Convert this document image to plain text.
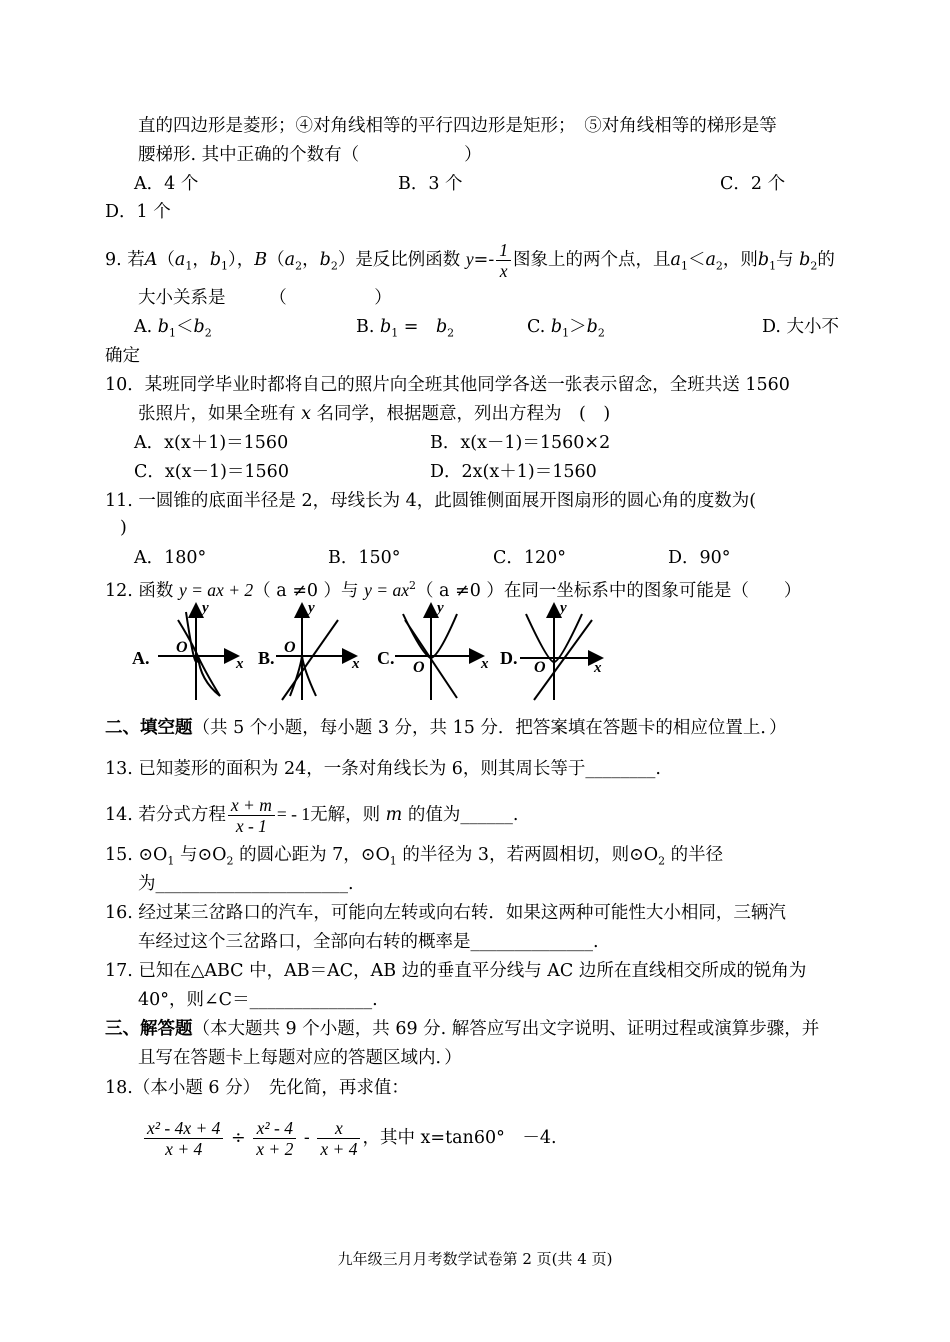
直的四边形是菱形；④对角线相等的平行四边形是矩形；　⑤对角线相等的梯形是等
腰梯形. 其中正确的个数有（　　　　　　）
A．4 个	B．3 个	C．2 个
D．1 个
9. 若$A(a_1$，$b_1$），$B(a_2$，$b_2$）是反比例函数 $y=- \frac{1}{x}$ 图象上的两个点，且$a_1<a_2$，则$b_1$与 $b_2$的
大小关系是　　　（　　　　　）
A. $b_1<b_2$	B. $b_1$ =　$b_2$	C. $b_1>b_2$	D. 大小不
确定
10．某班同学毕业时都将自己的照片向全班其他同学各送一张表示留念，全班共送 1560
张照片，如果全班有 x 名同学，根据题意，列出方程为　(　)
A．x(x＋1)＝1560	B．x(x－1)＝1560×2
C．x(x－1)＝1560	D．2x(x＋1)＝1560
11. 一圆锥的底面半径是 2，母线长为 4，此圆锥侧面展开图扇形的圆心角的度数为(
)
A．180°	B．150°	C．120°	D．90°
12. 函数 y = ax + 2（ a ≠0 ）与 $y = ax^2$（ a ≠0 ）在同一坐标系中的图象可能是（　　）
A.
y
x
O
B.
y
x
O
C.
y
x
O	D.
y
x
O
二、填空题（共 5 个小题，每小题 3 分，共 15 分．把答案填在答题卡的相应位置上．）
13. 已知菱形的面积为 24，一条对角线长为 6，则其周长等于________.
14. 若分式方程 $\frac{x + m}{x - 1}$ = - 1无解，则 m 的值为______.
15. $⊙O_1$ 与$⊙O_2$ 的圆心距为 7，$⊙O_1$ 的半径为 3，若两圆相切，则$⊙O_2$ 的半径
为______________________.
16. 经过某三岔路口的汽车，可能向左转或向右转．如果这两种可能性大小相同，三辆汽
车经过这个三岔路口，全部向右转的概率是______________.
17. 已知在△ABC 中，AB＝AC，AB 边的垂直平分线与 AC 边所在直线相交所成的锐角为
40°，则∠C＝______________.
三、解答题（本大题共 9 个小题，共 69 分. 解答应写出文字说明、证明过程或演算步骤，并
且写在答题卡上每题对应的答题区域内．）
18.（本小题 6 分）　先化简，再求值：
$\frac{\text{x² - 4x + 4}}{x + 4} \div \frac{\text{x² - 4}}{x + 2} - \frac{x}{x + 4}$ ，其中 x=tan60°　－4.
九年级三月月考数学试卷第 2 页(共 4 页)
